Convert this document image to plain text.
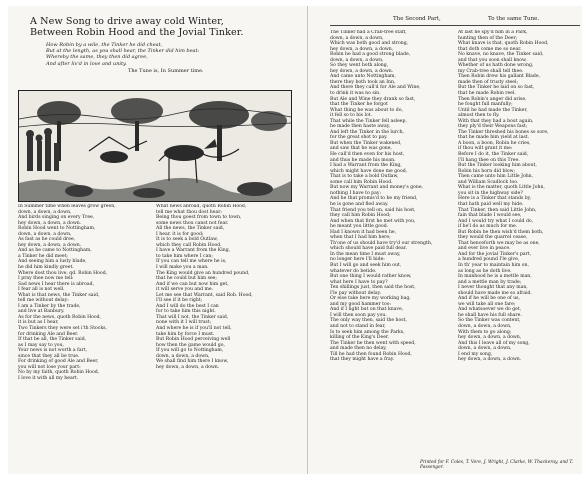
A New Song to drive away cold Winter,
Between Robin Hood and the Jovial Tinker.
How Robin by a wile, the Tinker he did cheat,
But at the length, as you shall hear, the Tinker did him beat:
Whereby the same, they then did agree,
And after liv'd in love and unity.
The Tune is, In Summer time.
In Summer time when leaves grow green,
down, a down, a down,
And birds singing on every Tree,
hey down, a down, a down.
Robin Hood went to Nottingham,
down, a down, a down,
As fast as he could dree,
hey down, a down, a down.
And as he came to Nottingham,
a Tinker he did meet;
And seeing him a lusty blade,
he did him kindly greet.
Where dost thou live, qd. Robin Hood,
I pray thee now me tell:
Sad news I hear there is abroad,
I fear all is not well.
What is that news, the Tinker said,
tell me without delay:
I am a Tinker by the trade,
and live at Banbury.
As for the news, quoth Robin Hood,
it is but as I hear,
Two Tinkers they were set i'th Stocks,
for drinking Ale and Beer.
If that be all, the Tinker said,
as I may say to you,
Your news is not worth a fart,
since that they all be true.
For drinking of good Ale and Beer,
you will not lose your part:
No by my faith, quoth Robin Hood,
I love it with all my heart.
What news abroad, quoth Robin Hood,
tell me what thou dost hear:
Being thou goest from town to town,
some news thou canst not fear.
All the news, the Tinker said,
I hear, it is for good;
It is to seek a bold Outlaw,
which they call Robin Hood.
I have a Warrant from the King,
to take him where I can;
If you can tell me where he is,
I will make you a man.
The King would give an hundred pound,
that he could but him see;
And if we can but now him get,
it will serve you and me.
Let me see that Warrant, said Rob. Hood,
I'll see if it be right;
And I will do the best I can
for to take him this night.
That will I not, the Tinker said,
none with it I will trust;
And where he is if you'll not tell,
take him by force I must.
But Robin Hood perceiving well
how then the game would go,
If you will go to Nottingham,
down, a down, a down,
We shall find him there I know,
hey down, a down, a down.
The Second Part,	To the same Tune.
The Tinker had a Crab-tree staff,
down, a down, a down,
Which was both good and strong,
hey down, a down, a down,
Robin he had a good strong blade,
down, a down, a down,
So they went both along,
hey down, a down, a down.
And came unto Nottingham,
there they both took an Inn,
And there they call'd for Ale and Wine,
to drink it was no sin.
But Ale and Wine they drank so fast,
that the Tinker he forgot
What thing he was about to do,
it fell so to his lot.
That while the Tinker fell asleep,
he made then haste away,
And left the Tinker in the lurch,
for the great shot to pay.
But when the Tinker wakened,
and saw that he was gone,
He call'd then even for his host,
and thus he made his moan.
I had a Warrant from the King,
which might have done me good,
That is to take a bold Outlaw,
some call him Robin Hood.
But now my Warrant and money's gone,
nothing I have to pay:
And he that promis'd to be my friend,
he is gone and fled away.
That friend you tell on, said his host,
they call him Robin Hood;
And when that first he met with you,
he meant you little good.
Had I known it had been he,
when that I had him here;
Th'one of us should have try'd our strength,
which should have paid full dear.
In the mean time I must away,
no longer here I'll bide:
But I will go and seek him out,
whatever do betide.
But one thing I would rather know,
what here I have to pay?
Ten shillings just, then said the host,
I'le pay without delay.
Or else take here my working bag,
and my good hammer too:
And if I light but on that knave,
I will then soon pay you.
The only way then, said the host,
and not to stand in fear,
Is to seek him among the Parks,
killing of the King's Deer.
The Tinker he then went with speed,
and made then no delay,
Till he had then found Robin Hood,
that they might have a fray.
At last he spy'd him in a Park,
hunting then of the Deer;
What knave is that, quoth Robin Hood,
that doth come me so near.
No knave, no knave, the Tinker said,
and that you soon shall know,
Whether of us hath done wrong,
my Crab-tree shall tell thee.
Then Robin drew his gallant Blade,
made then of trusty steel;
But the Tinker he laid on so fast,
that he made Robin reel.
Then Robin's anger did arise,
he fought full manfully;
Until he had made the Tinker,
almost then to fly.
With that they had a bout again,
they ply'd their Weapons fast;
The Tinker threshed his bones so sore,
that he made him yield at last.
A boon, a boon, Robin he cries,
if thou wilt grant it me:
Before I do it, the Tinker said,
I'll hang thee on this Tree.
But the Tinker looking him about,
Robin his horn did blow;
Then came unto him Little John,
and William Scadlock too.
What is the matter, quoth Little John,
you sit in the highway side?
Here is a Tinker that stands by,
that hath paid well my hide.
That Tinker, then said Little John,
fain that blade I would see,
And I would try what I could do,
if he'l do as much for me.
But Robin he then wish'd them both,
they would the quarrel cease,
That henceforth we may be as one,
and ever live in peace.
And for the jovial Tinker's part,
a hundred pound I'le give,
In th' year to maintain him on,
as long as he doth live.
In manhood he is a mettle man,
and a mettle man by trade;
I never thought that any man,
should have made me so afraid.
And if he will be one of us,
we will take all one fare;
And whatsoever we do get,
he shall have his full share.
So the Tinker was content,
down, a down, a down,
With them to go along;
hey down, a down, a down,
And this I leave all of my song,
down, a down, a down,
I end my song,
hey down, a down, a down.
Printed for F. Coles, T. Vere, J. Wright, J. Clarke, W. Thackeray, and T. Passenger.
